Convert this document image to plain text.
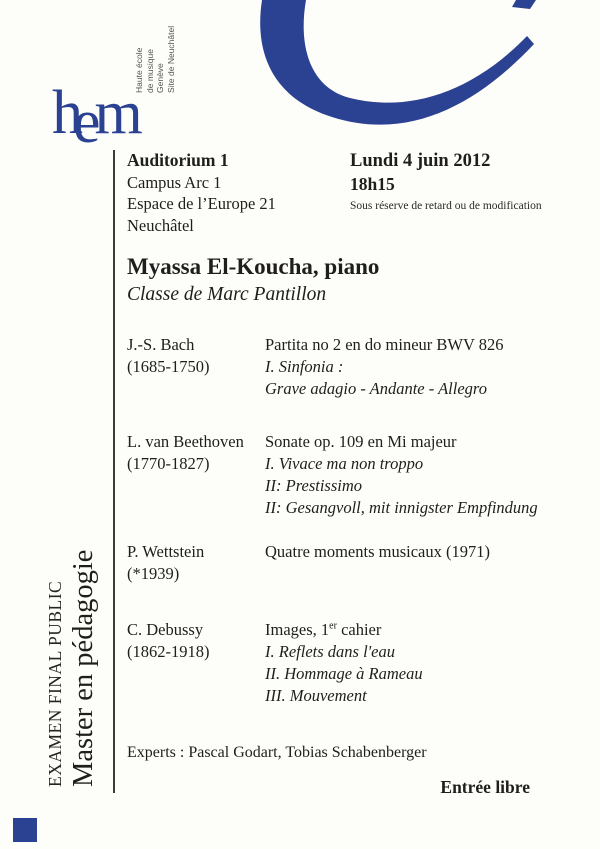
hem
Haute école de musique Genève Site de Neuchâtel
Auditorium 1
Campus Arc 1
Espace de l’Europe 21
Neuchâtel
Lundi 4 juin 2012
18h15
Sous réserve de retard ou de modification
Myassa El-Koucha, piano
Classe de Marc Pantillon
J.-S. Bach
(1685-1750)
Partita no 2 en do mineur BWV 826
I. Sinfonia :
Grave adagio - Andante - Allegro
L. van Beethoven
(1770-1827)
Sonate op. 109 en Mi majeur
I. Vivace ma non troppo
II: Prestissimo
II: Gesangvoll, mit innigster Empfindung
P. Wettstein
(*1939)
Quatre moments musicaux (1971)
C. Debussy
(1862-1918)
Images, 1er cahier
I. Reflets dans l'eau
II. Hommage à Rameau
III. Mouvement
Experts : Pascal Godart, Tobias Schabenberger
Entrée libre
EXAMEN FINAL PUBLIC Master en pédagogie
